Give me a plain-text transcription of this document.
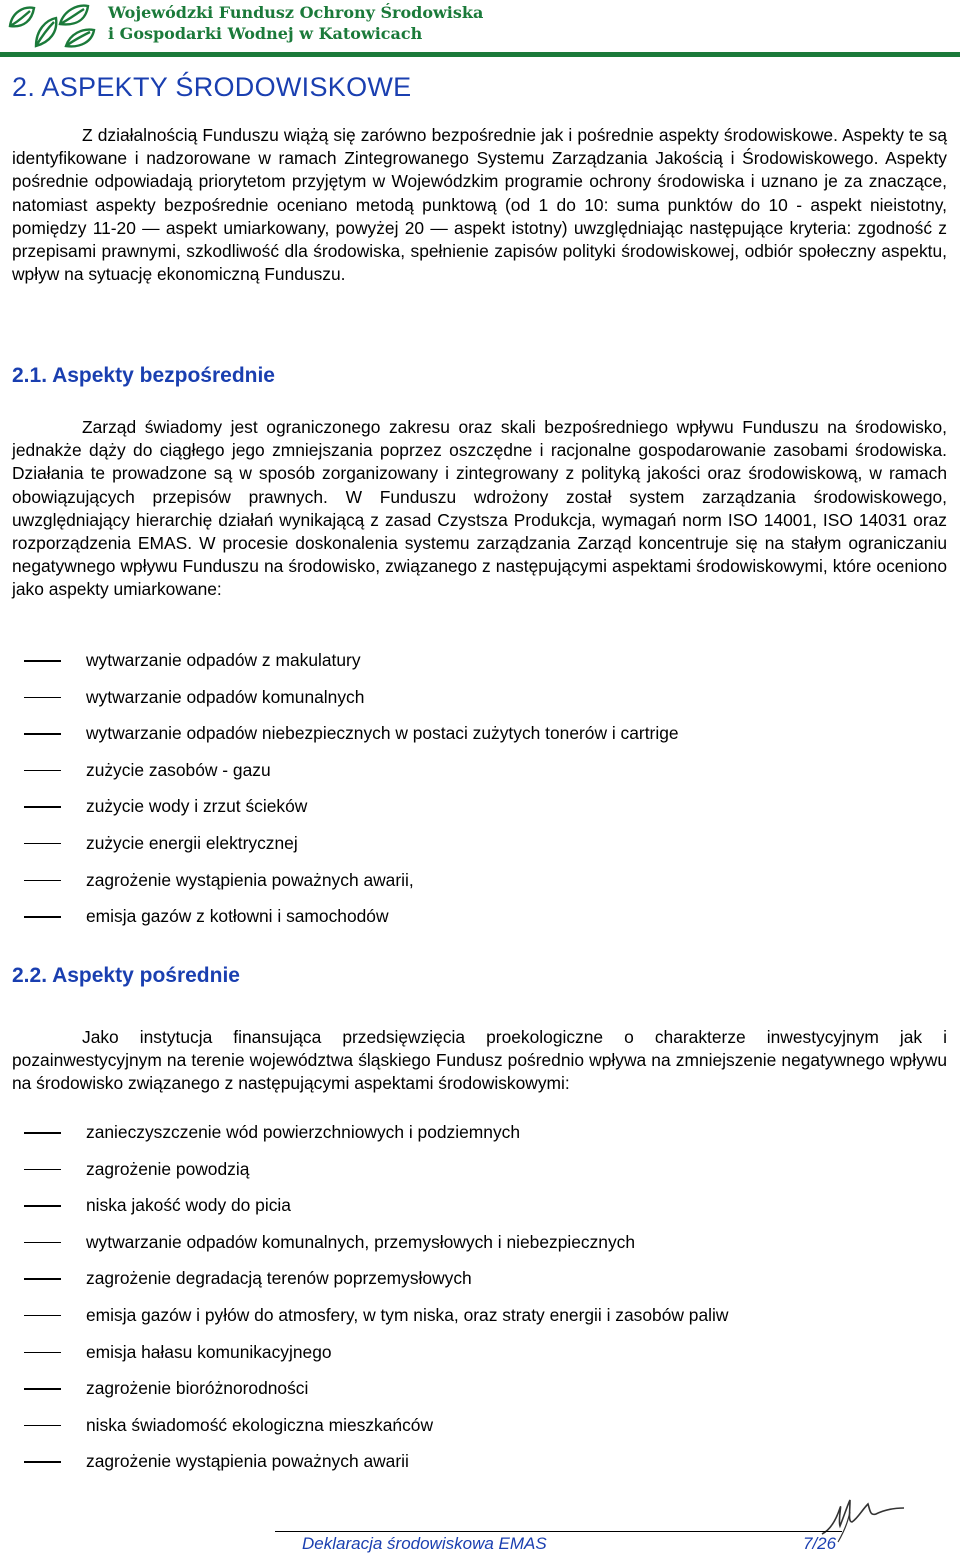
Wojewódzki Fundusz Ochrony Środowiska
i Gospodarki Wodnej w Katowicach
2. ASPEKTY ŚRODOWISKOWE
Z działalnością Funduszu wiążą się zarówno bezpośrednie jak i pośrednie aspekty środowiskowe. Aspekty te są identyfikowane i nadzorowane w ramach Zintegrowanego Systemu Zarządzania Jakością i Środowiskowego. Aspekty pośrednie odpowiadają priorytetom przyjętym w Wojewódzkim programie ochrony środowiska i uznano je za znaczące, natomiast aspekty bezpośrednie oceniano metodą punktową (od 1 do 10: suma punktów do 10 - aspekt nieistotny, pomiędzy 11-20 — aspekt umiarkowany, powyżej 20 — aspekt istotny) uwzględniając następujące kryteria: zgodność z przepisami prawnymi, szkodliwość dla środowiska, spełnienie zapisów polityki środowiskowej, odbiór społeczny aspektu, wpływ na sytuację ekonomiczną Funduszu.
2.1. Aspekty bezpośrednie
Zarząd świadomy jest ograniczonego zakresu oraz skali bezpośredniego wpływu Funduszu na środowisko, jednakże dąży do ciągłego jego zmniejszania poprzez oszczędne i racjonalne gospodarowanie zasobami środowiska. Działania te prowadzone są w sposób zorganizowany i zintegrowany z polityką jakości oraz środowiskową, w ramach obowiązujących przepisów prawnych. W Funduszu wdrożony został system zarządzania środowiskowego, uwzględniający hierarchię działań wynikającą z zasad Czystsza Produkcja, wymagań norm ISO 14001, ISO 14031 oraz rozporządzenia EMAS. W procesie doskonalenia systemu zarządzania Zarząd koncentruje się na stałym ograniczaniu negatywnego wpływu Funduszu na środowisko, związanego z następującymi aspektami środowiskowymi, które oceniono jako aspekty umiarkowane:
wytwarzanie odpadów z makulatury
wytwarzanie odpadów komunalnych
wytwarzanie odpadów niebezpiecznych w postaci zużytych tonerów i cartrige
zużycie zasobów - gazu
zużycie wody i zrzut ścieków
zużycie energii elektrycznej
zagrożenie wystąpienia poważnych awarii,
emisja gazów z kotłowni i samochodów
2.2. Aspekty pośrednie
Jako instytucja finansująca przedsięwzięcia proekologiczne o charakterze inwestycyjnym jak i pozainwestycyjnym na terenie województwa śląskiego Fundusz pośrednio wpływa na zmniejszenie negatywnego wpływu na środowisko związanego z następującymi aspektami środowiskowymi:
zanieczyszczenie wód powierzchniowych i podziemnych
zagrożenie powodzią
niska jakość wody do picia
wytwarzanie odpadów komunalnych, przemysłowych i niebezpiecznych
zagrożenie degradacją terenów poprzemysłowych
emisja gazów i pyłów do atmosfery, w tym niska, oraz straty energii i zasobów paliw
emisja hałasu komunikacyjnego
zagrożenie bioróżnorodności
niska świadomość ekologiczna mieszkańców
zagrożenie wystąpienia poważnych awarii
Deklaracja środowiskowa EMAS	7/26
